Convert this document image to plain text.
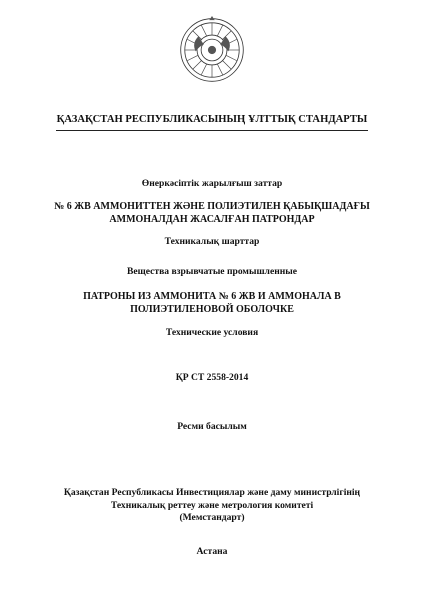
ҚАЗАҚСТАН РЕСПУБЛИКАСЫНЫҢ ҰЛТТЫҚ СТАНДАРТЫ
Өнеркәсіптік жарылғыш заттар
№ 6 ЖВ АММОНИТТЕН ЖӘНЕ ПОЛИЭТИЛЕН ҚАБЫҚШАДАҒЫ
АММОНАЛДАН ЖАСАЛҒАН ПАТРОНДАР
Техникалық шарттар
Вещества взрывчатые промышленные
ПАТРОНЫ ИЗ АММОНИТА № 6 ЖВ И АММОНАЛА В
ПОЛИЭТИЛЕНОВОЙ ОБОЛОЧКЕ
Технические условия
ҚР СТ 2558-2014
Ресми басылым
Қазақстан Республикасы Инвестициялар және даму министрлігінің
Техникалық реттеу және метрология комитеті
(Мемстандарт)
Астана
